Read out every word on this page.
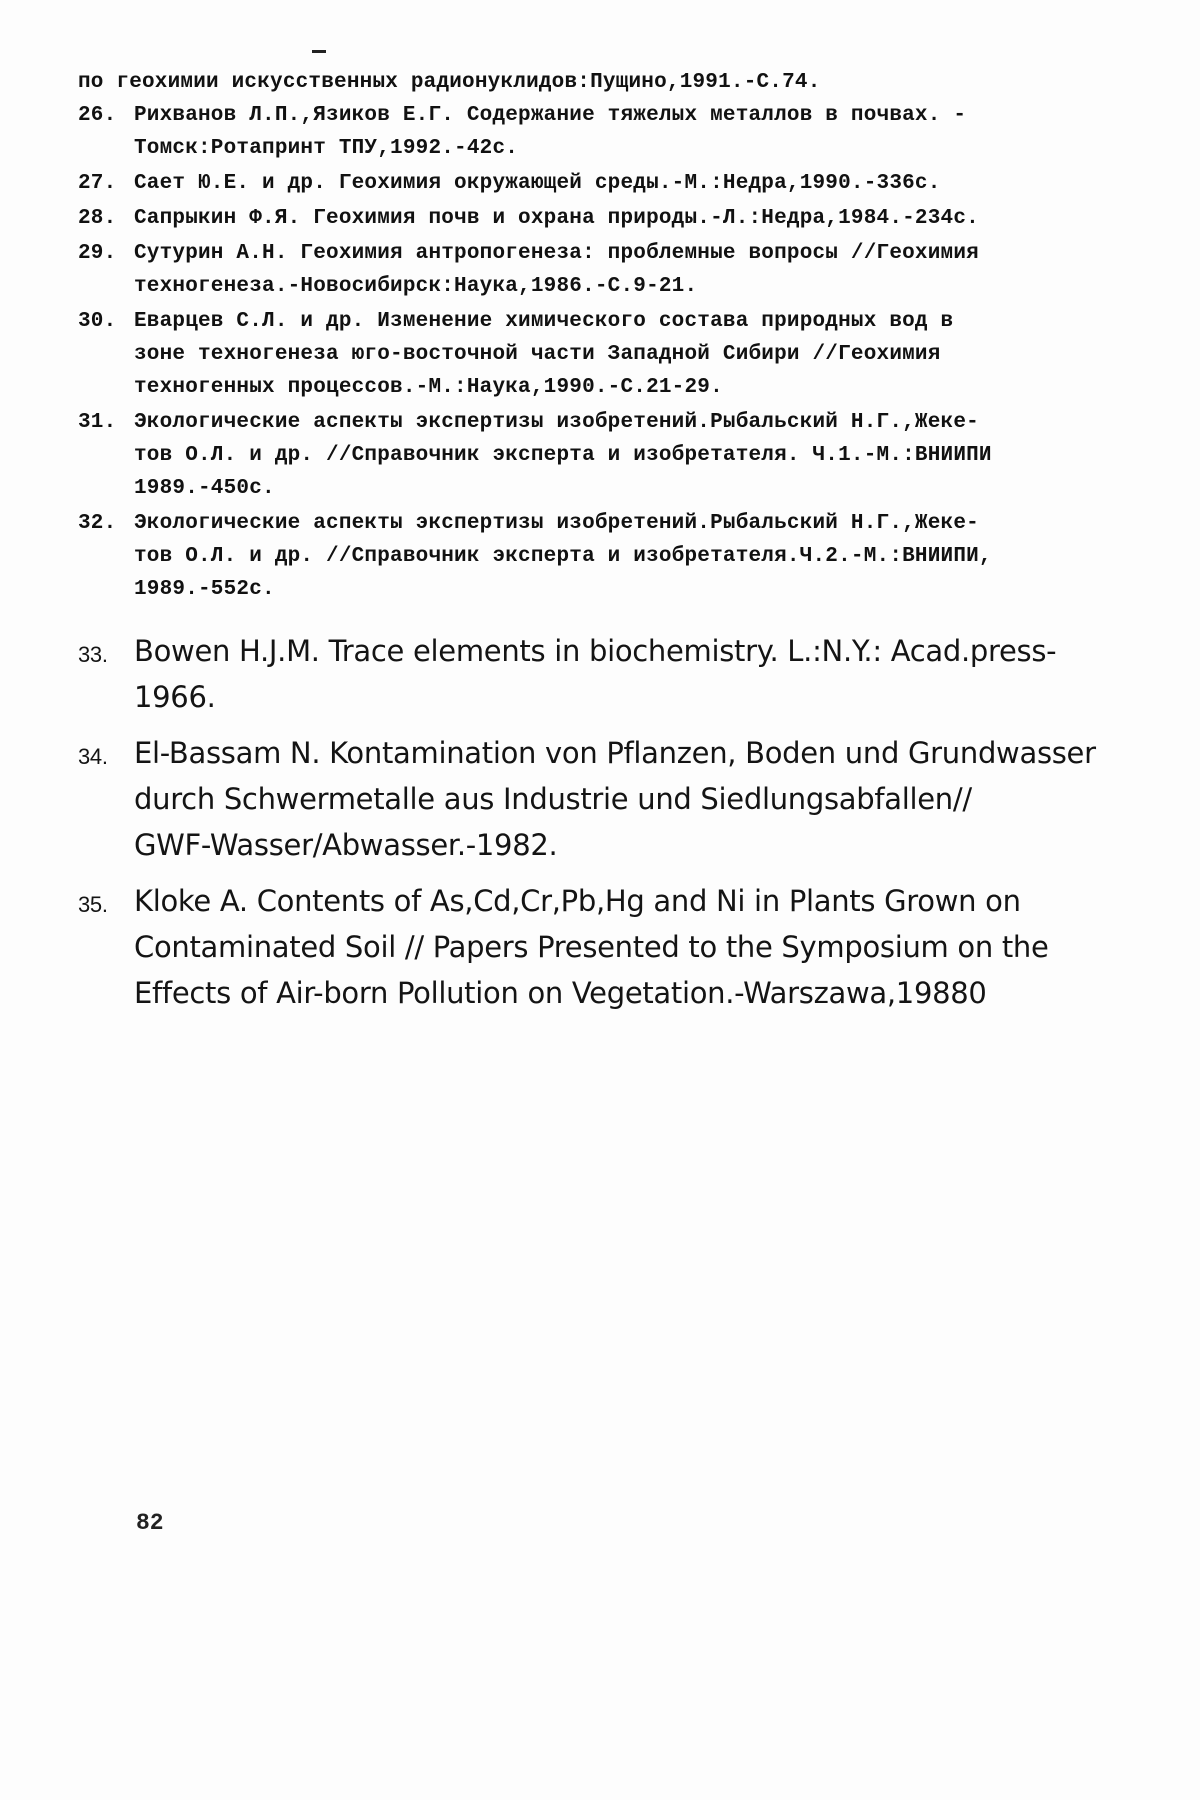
по геохимии искусственных радионуклидов:Пущино,1991.-С.74.
26. Рихванов Л.П.,Язиков Е.Г. Содержание тяжелых металлов в почвах. -
Томск:Ротапринт ТПУ,1992.-42с.
27. Сает Ю.Е. и др. Геохимия окружающей среды.-М.:Недра,1990.-336с.
28. Сапрыкин Ф.Я. Геохимия почв и охрана природы.-Л.:Недра,1984.-234с.
29. Сутурин А.Н. Геохимия антропогенеза: проблемные вопросы //Геохимия
техногенеза.-Новосибирск:Наука,1986.-С.9-21.
30. Еварцев С.Л. и др. Изменение химического состава природных вод в
зоне техногенеза юго-восточной части Западной Сибири //Геохимия
техногенных процессов.-М.:Наука,1990.-С.21-29.
31. Экологические аспекты экспертизы изобретений.Рыбальский Н.Г.,Жеке-
тов О.Л. и др. //Справочник эксперта и изобретателя. Ч.1.-М.:ВНИИПИ
1989.-450с.
32. Экологические аспекты экспертизы изобретений.Рыбальский Н.Г.,Жеке-
тов О.Л. и др. //Справочник эксперта и изобретателя.Ч.2.-М.:ВНИИПИ,
1989.-552с.
33. Bowen H.J.M. Trace elements in biochemistry. L.:N.Y.: Acad.press-1966.
34. El-Bassam N. Kontamination von Pflanzen, Boden und Grundwasser
durch Schwermetalle aus Industrie und Siedlungsabfallen//
GWF-Wasser/Abwasser.-1982.
35. Kloke A. Contents of As,Cd,Cr,Pb,Hg and Ni in Plants Grown on
Contaminated Soil // Papers Presented to the Symposium on the
Effects of Air-born Pollution on Vegetation.-Warszawa,19880
82
